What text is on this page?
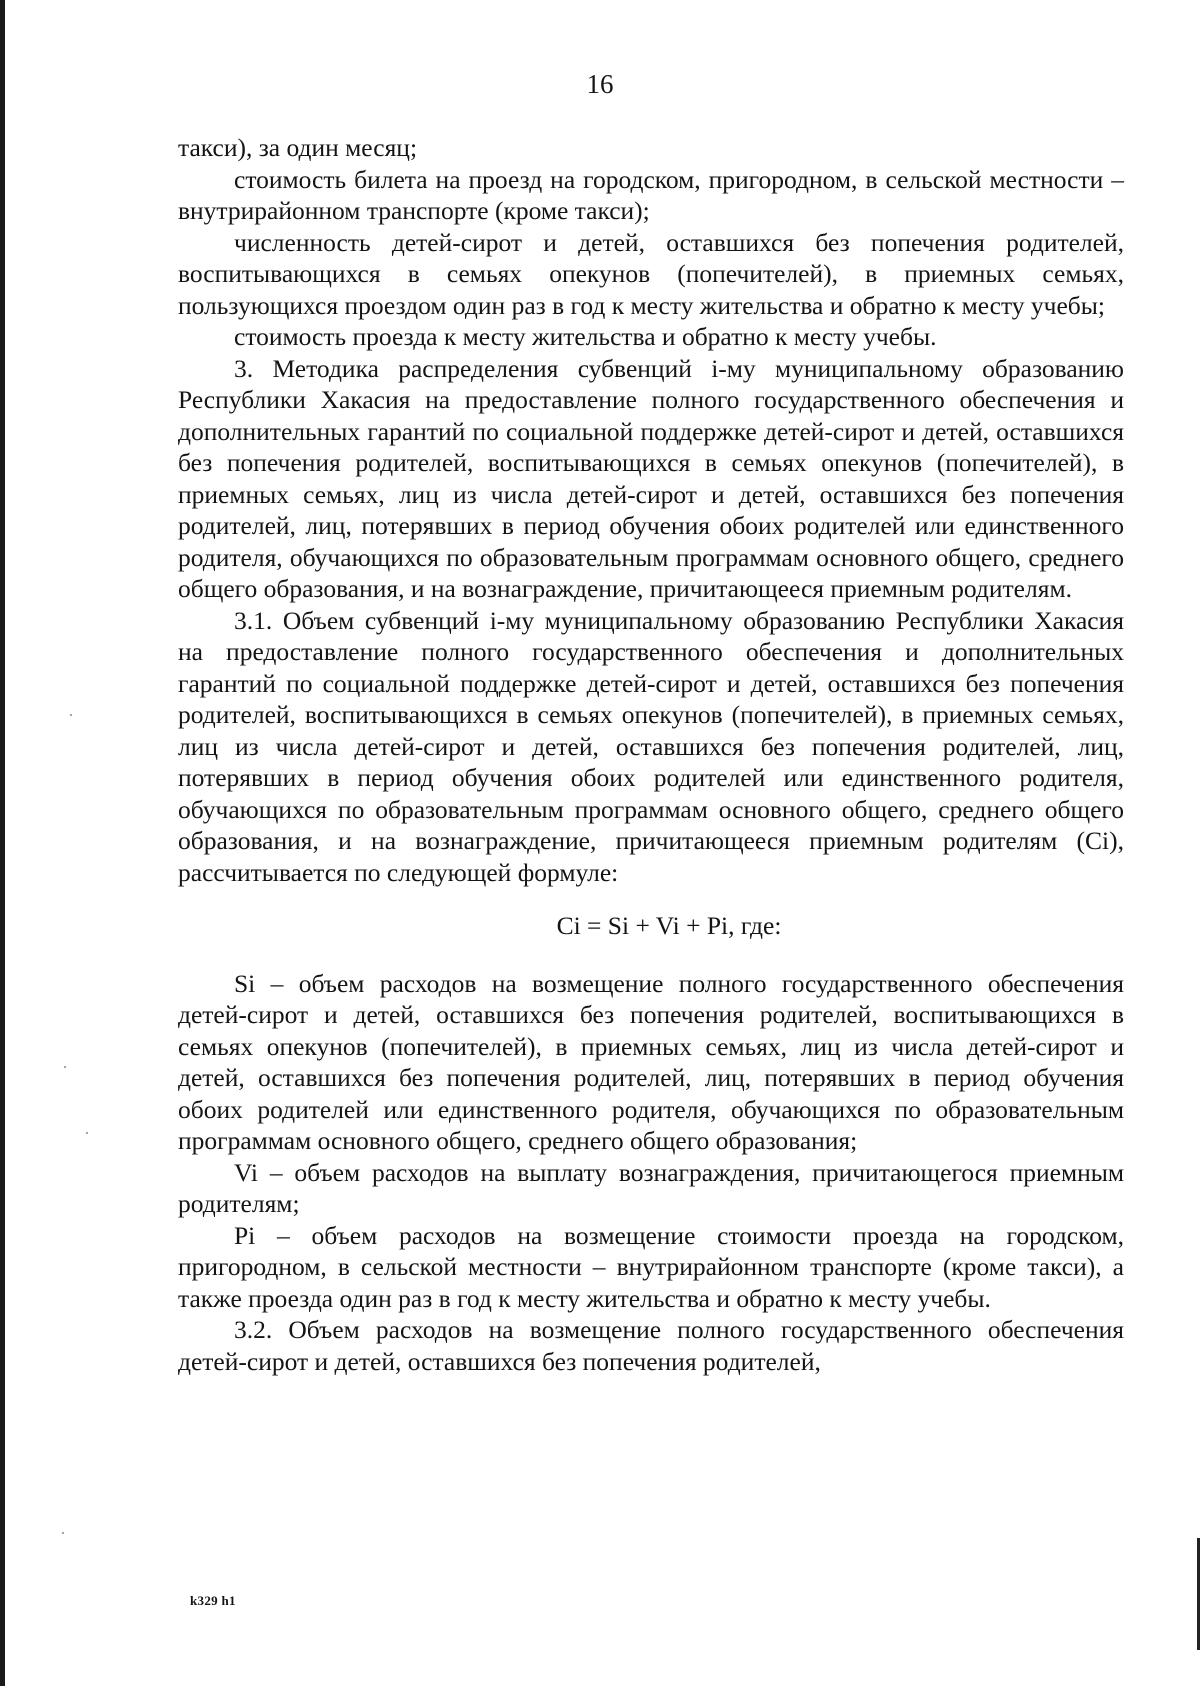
16

такси), за один месяц;

стоимость билета на проезд на городском, пригородном, в сельской местности – внутрирайонном транспорте (кроме такси);

численность детей-сирот и детей, оставшихся без попечения родителей, воспитывающихся в семьях опекунов (попечителей), в приемных семьях, пользующихся проездом один раз в год к месту жительства и обратно к месту учебы;

стоимость проезда к месту жительства и обратно к месту учебы.

3. Методика распределения субвенций i-му муниципальному образованию Республики Хакасия на предоставление полного государственного обеспечения и дополнительных гарантий по социальной поддержке детей-сирот и детей, оставшихся без попечения родителей, воспитывающихся в семьях опекунов (попечителей), в приемных семьях, лиц из числа детей-сирот и детей, оставшихся без попечения родителей, лиц, потерявших в период обучения обоих родителей или единственного родителя, обучающихся по образовательным программам основного общего, среднего общего образования, и на вознаграждение, причитающееся приемным родителям.

3.1. Объем субвенций i-му муниципальному образованию Республики Хакасия на предоставление полного государственного обеспечения и дополнительных гарантий по социальной поддержке детей-сирот и детей, оставшихся без попечения родителей, воспитывающихся в семьях опекунов (попечителей), в приемных семьях, лиц из числа детей-сирот и детей, оставшихся без попечения родителей, лиц, потерявших в период обучения обоих родителей или единственного родителя, обучающихся по образовательным программам основного общего, среднего общего образования, и на вознаграждение, причитающееся приемным родителям (Ci), рассчитывается по следующей формуле:

Ci = Si + Vi + Pi, где:

Si – объем расходов на возмещение полного государственного обеспечения детей-сирот и детей, оставшихся без попечения родителей, воспитывающихся в семьях опекунов (попечителей), в приемных семьях, лиц из числа детей-сирот и детей, оставшихся без попечения родителей, лиц, потерявших в период обучения обоих родителей или единственного родителя, обучающихся по образовательным программам основного общего, среднего общего образования;

Vi – объем расходов на выплату вознаграждения, причитающегося приемным родителям;

Pi – объем расходов на возмещение стоимости проезда на городском, пригородном, в сельской местности – внутрирайонном транспорте (кроме такси), а также проезда один раз в год к месту жительства и обратно к месту учебы.

3.2. Объем расходов на возмещение полного государственного обеспечения детей-сирот и детей, оставшихся без попечения родителей,

k329 h1
